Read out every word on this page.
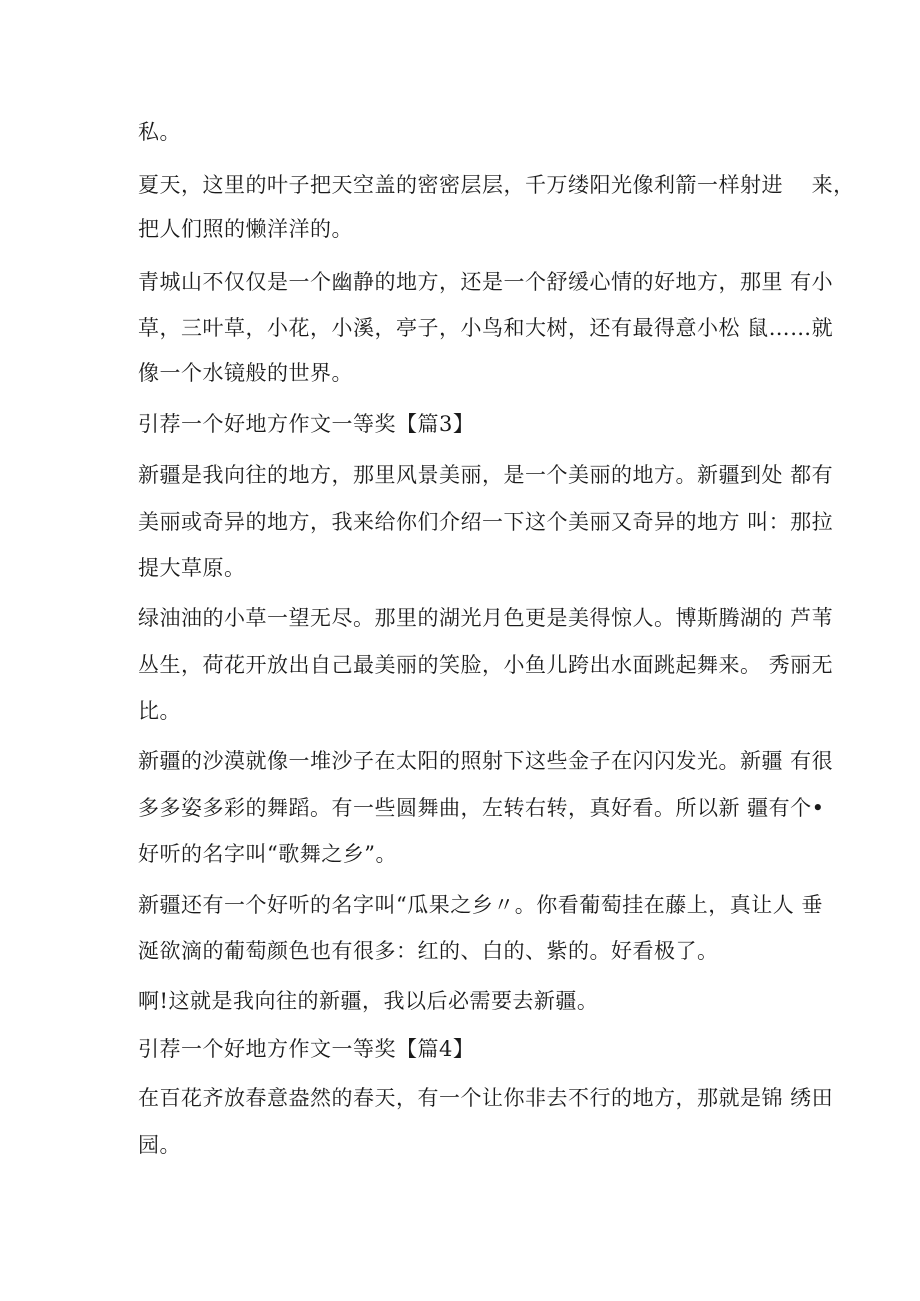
私。
夏天，这里的叶子把天空盖的密密层层，千万缕阳光像利箭一样射进　 来，
把人们照的懒洋洋的。
青城山不仅仅是一个幽静的地方，还是一个舒缓心情的好地方，那里 有小
草，三叶草，小花，小溪，亭子，小鸟和大树，还有最得意小松 鼠……就
像一个水镜般的世界。
引荐一个好地方作文一等奖【篇3】
新疆是我向往的地方，那里风景美丽，是一个美丽的地方。新疆到处 都有
美丽或奇异的地方，我来给你们介绍一下这个美丽又奇异的地方 叫：那拉
提大草原。
绿油油的小草一望无尽。那里的湖光月色更是美得惊人。博斯腾湖的 芦苇
丛生，荷花开放出自己最美丽的笑脸，小鱼儿跨出水面跳起舞来。 秀丽无
比。
新疆的沙漠就像一堆沙子在太阳的照射下这些金子在闪闪发光。新疆 有很
多多姿多彩的舞蹈。有一些圆舞曲，左转右转，真好看。所以新 疆有个•
好听的名字叫“歌舞之乡”。
新疆还有一个好听的名字叫“瓜果之乡〃。你看葡萄挂在藤上，真让人 垂
涎欲滴的葡萄颜色也有很多：红的、白的、紫的。好看极了。
啊!这就是我向往的新疆，我以后必需要去新疆。
引荐一个好地方作文一等奖【篇4】
在百花齐放春意盎然的春天，有一个让你非去不行的地方，那就是锦 绣田
园。
